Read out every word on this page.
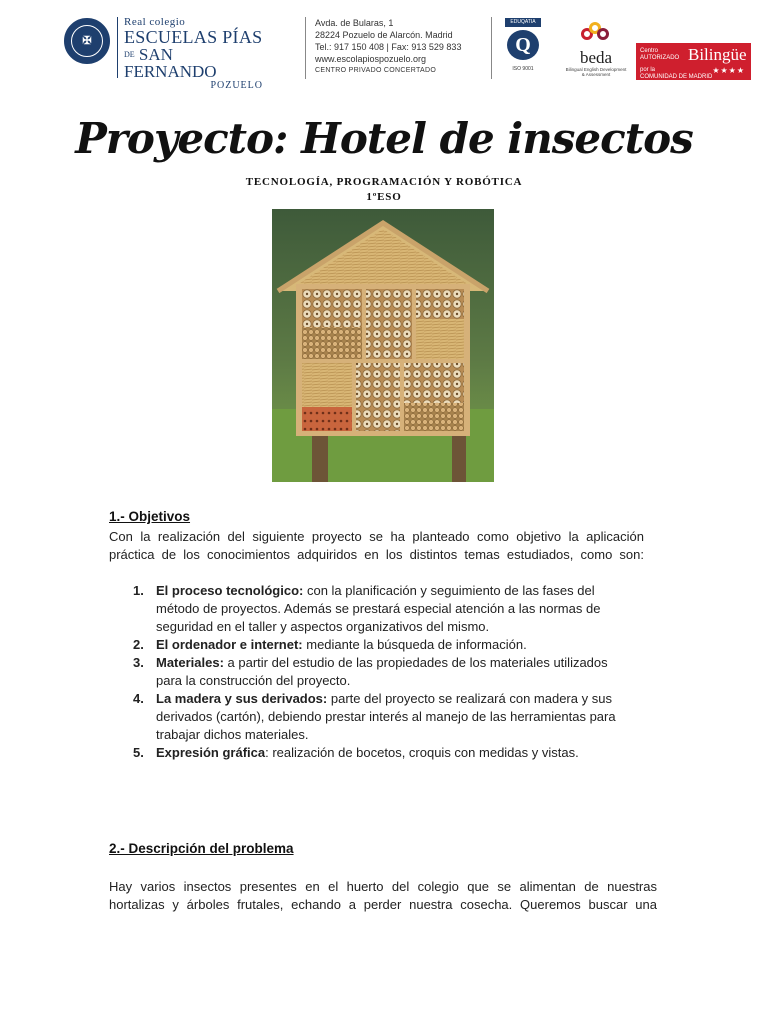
✠
Real colegio
ESCUELAS PÍAS
$^{DE}$ SAN FERNANDO
POZUELO
Avda. de Bularas, 1
28224 Pozuelo de Alarcón. Madrid
Tel.: 917 150 408 | Fax: 913 529 833
www.escolapiospozuelo.org
CENTRO PRIVADO CONCERTADO
EDUQATIA
Q
ISO 9001
beda
Bilingual English Development & Assessment
Centro
AUTORIZADO Bilingüe
por la
COMUNIDAD DE MADRID
★★★★
Proyecto: Hotel de insectos
TECNOLOGÍA, PROGRAMACIÓN Y ROBÓTICA
1ºESO
1.- Objetivos
Con la realización del siguiente proyecto se ha planteado como objetivo la aplicación
práctica de los conocimientos adquiridos en los distintos temas estudiados, como son:
1. El proceso tecnológico: con la planificación y seguimiento de las fases del
método de proyectos. Además se prestará especial atención a las normas de
seguridad en el taller y aspectos organizativos del mismo.
2. El ordenador e internet: mediante la búsqueda de información.
3. Materiales: a partir del estudio de las propiedades de los materiales utilizados
para la construcción del proyecto.
4. La madera y sus derivados: parte del proyecto se realizará con madera y sus
derivados (cartón), debiendo prestar interés al manejo de las herramientas para
trabajar dichos materiales.
5. Expresión gráfica: realización de bocetos, croquis con medidas y vistas.
2.- Descripción del problema
Hay varios insectos presentes en el huerto del colegio que se alimentan de nuestras
hortalizas y árboles frutales, echando a perder nuestra cosecha. Queremos buscar una
